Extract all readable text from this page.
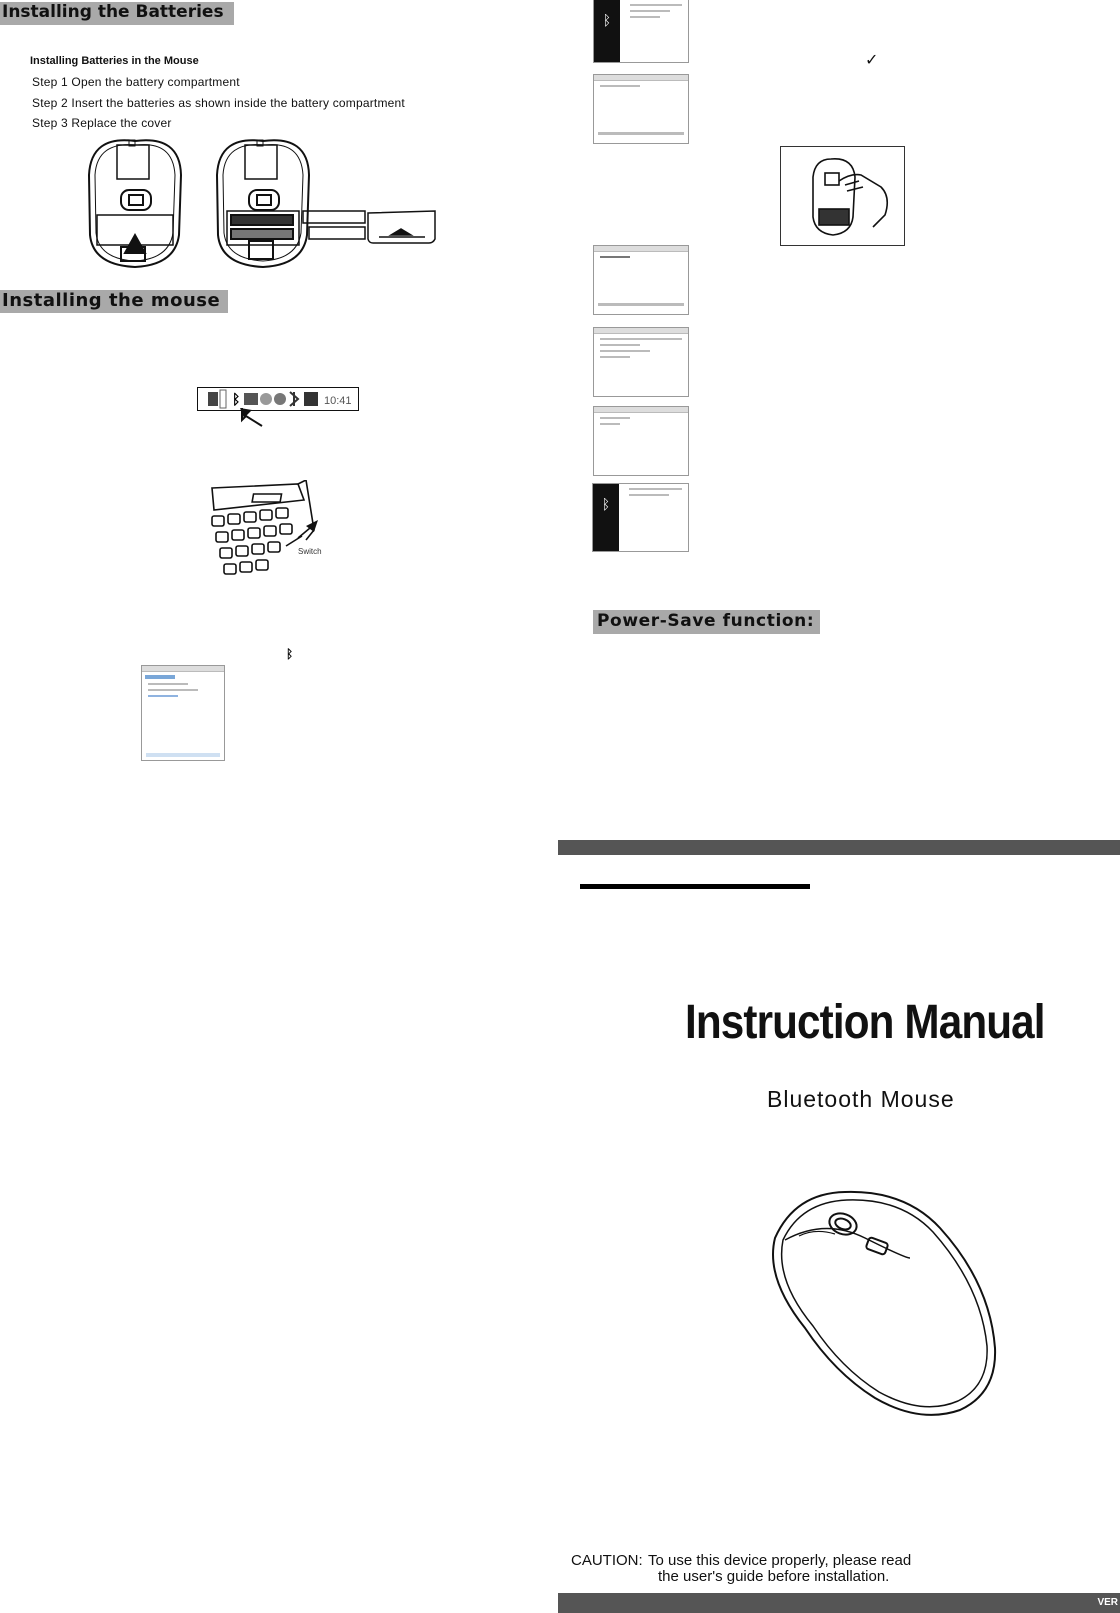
Installing the Batteries
Installing Batteries in the Mouse
Step 1 Open the battery compartment
Step 2 Insert the batteries as shown inside the battery compartment
Step 3 Replace the cover
Installing the mouse
ᛒ	10:41
Switch
ᛒ
ᛒ
✓
ᛒ
Power-Save function:
Instruction Manual
Bluetooth Mouse
CAUTION: To use this device properly, please read
the user's guide before installation.
VER
